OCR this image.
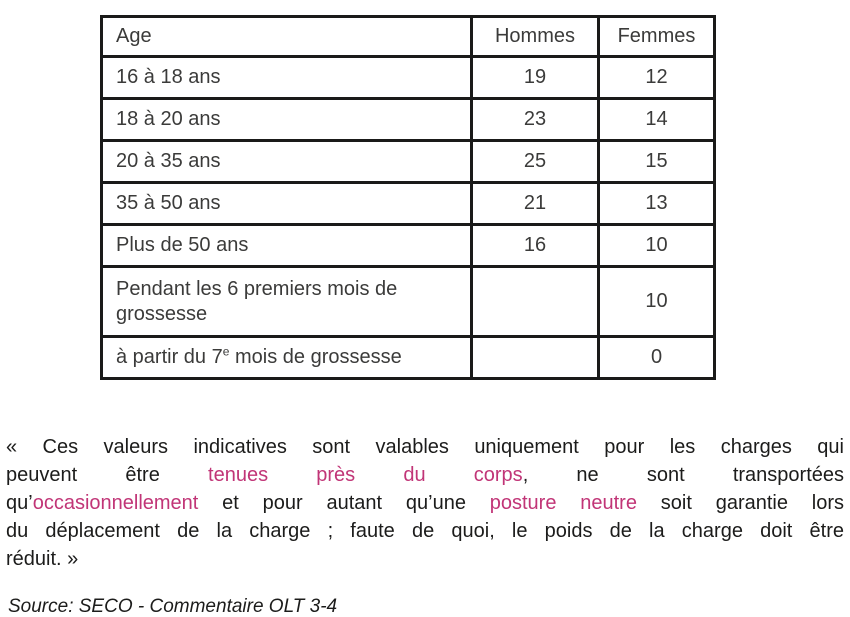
Age	Hommes	Femmes
16 à 18 ans	19	12
18 à 20 ans	23	14
20 à 35 ans	25	15
35 à 50 ans	21	13
Plus de 50 ans	16	10
Pendant les 6 premiers mois de grossesse		10
à partir du 7e mois de grossesse		0
« Ces valeurs indicatives sont valables uniquement pour les charges qui
peuvent être tenues près du corps, ne sont transportées
qu’occasionnellement et pour autant qu’une posture neutre soit garantie lors
du déplacement de la charge ; faute de quoi, le poids de la charge doit être
réduit. »
Source: SECO - Commentaire OLT 3-4
